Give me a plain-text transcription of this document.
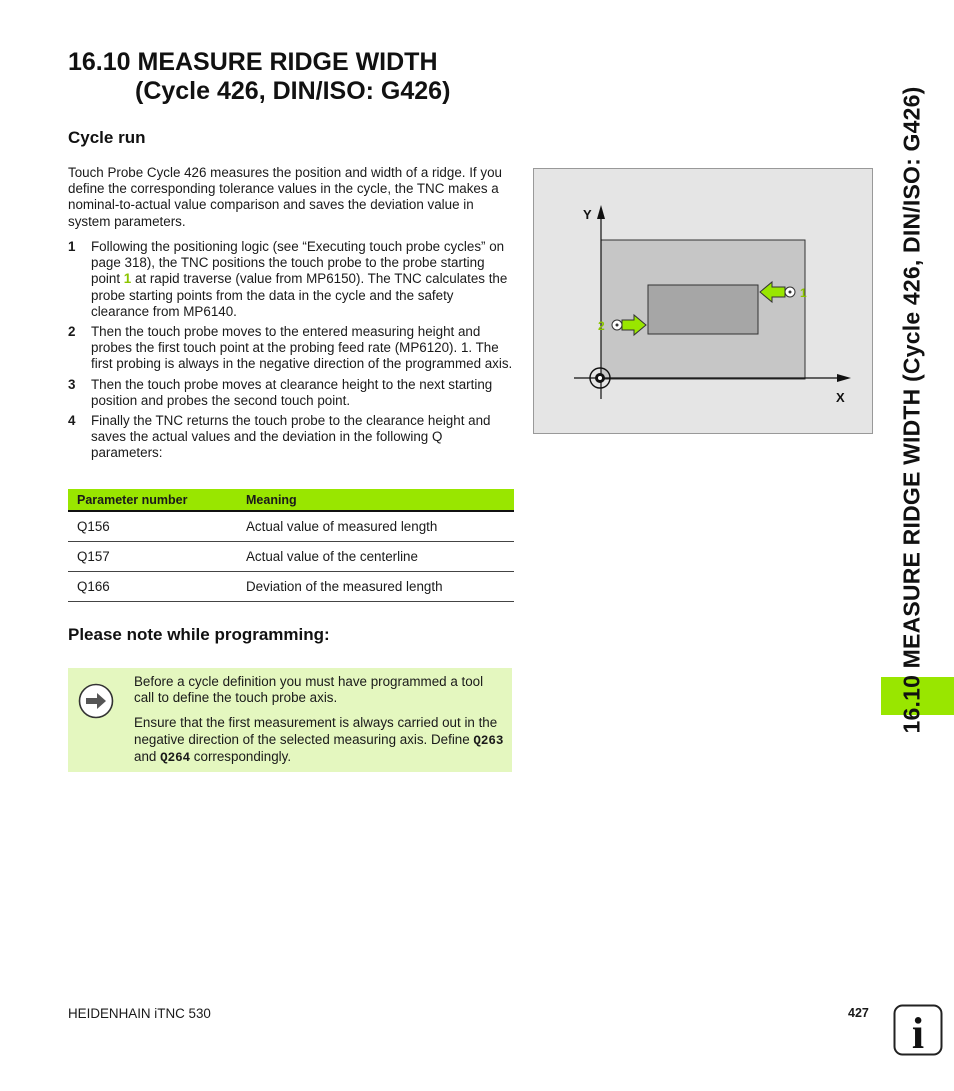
16.10 MEASURE RIDGE WIDTH
(Cycle 426, DIN/ISO: G426)
Cycle run

Touch Probe Cycle 426 measures the position and width of a ridge. If you define the corresponding tolerance values in the cycle, the TNC makes a nominal-to-actual value comparison and saves the deviation value in system parameters.

1 Following the positioning logic (see “Executing touch probe cycles” on page 318), the TNC positions the touch probe to the probe starting point 1 at rapid traverse (value from MP6150). The TNC calculates the probe starting points from the data in the cycle and the safety clearance from MP6140.
2 Then the touch probe moves to the entered measuring height and probes the first touch point at the probing feed rate (MP6120). 1. The first probing is always in the negative direction of the programmed axis.
3 Then the touch probe moves at clearance height to the next starting position and probes the second touch point.
4 Finally the TNC returns the touch probe to the clearance height and saves the actual values and the deviation in the following Q parameters:
Parameter number	Meaning
Q156	Actual value of measured length
Q157	Actual value of the centerline
Q166	Deviation of the measured length
Please note while programming:

Before a cycle definition you must have programmed a tool call to define the touch probe axis.

Ensure that the first measurement is always carried out in the negative direction of the selected measuring axis. Define Q263 and Q264 correspondingly.

Y
X
1
2	16.10 MEASURE RIDGE WIDTH (Cycle 426, DIN/ISO: G426)
HEIDENHAIN iTNC 530	427 i
